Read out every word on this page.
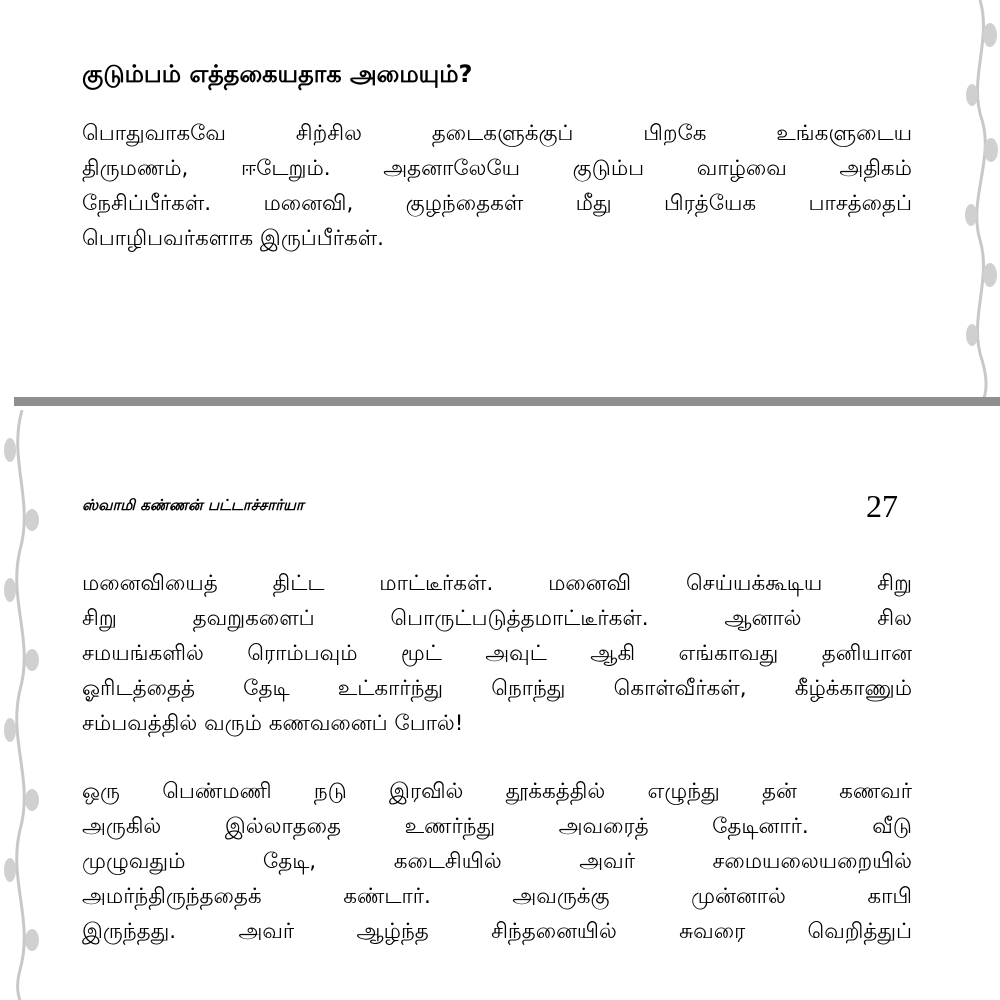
குடும்பம் எத்தகையதாக அமையும்?
பொதுவாகவே சிற்சில தடைகளுக்குப் பிறகே உங்களுடைய
திருமணம், ஈடேறும். அதனாலேயே குடும்ப வாழ்வை அதிகம்
நேசிப்பீர்கள். மனைவி, குழந்தைகள் மீது பிரத்யேக பாசத்தைப்
பொழிபவர்களாக இருப்பீர்கள்.
ஸ்வாமி கண்ணன் பட்டாச்சார்யா	27
மனைவியைத் திட்ட மாட்டீர்கள். மனைவி செய்யக்கூடிய சிறு
சிறு தவறுகளைப் பொருட்படுத்தமாட்டீர்கள். ஆனால் சில
சமயங்களில் ரொம்பவும் மூட் அவுட் ஆகி எங்காவது தனியான
ஓரிடத்தைத் தேடி உட்கார்ந்து நொந்து கொள்வீர்கள், கீழ்க்காணும்
சம்பவத்தில் வரும் கணவனைப் போல்!
ஒரு பெண்மணி நடு இரவில் தூக்கத்தில் எழுந்து தன் கணவர்
அருகில் இல்லாததை உணர்ந்து அவரைத் தேடினார். வீடு
முழுவதும் தேடி, கடைசியில் அவர் சமையலையறையில்
அமர்ந்திருந்ததைக் கண்டார். அவருக்கு முன்னால் காபி
இருந்தது. அவர் ஆழ்ந்த சிந்தனையில் சுவரை வெறித்துப்
